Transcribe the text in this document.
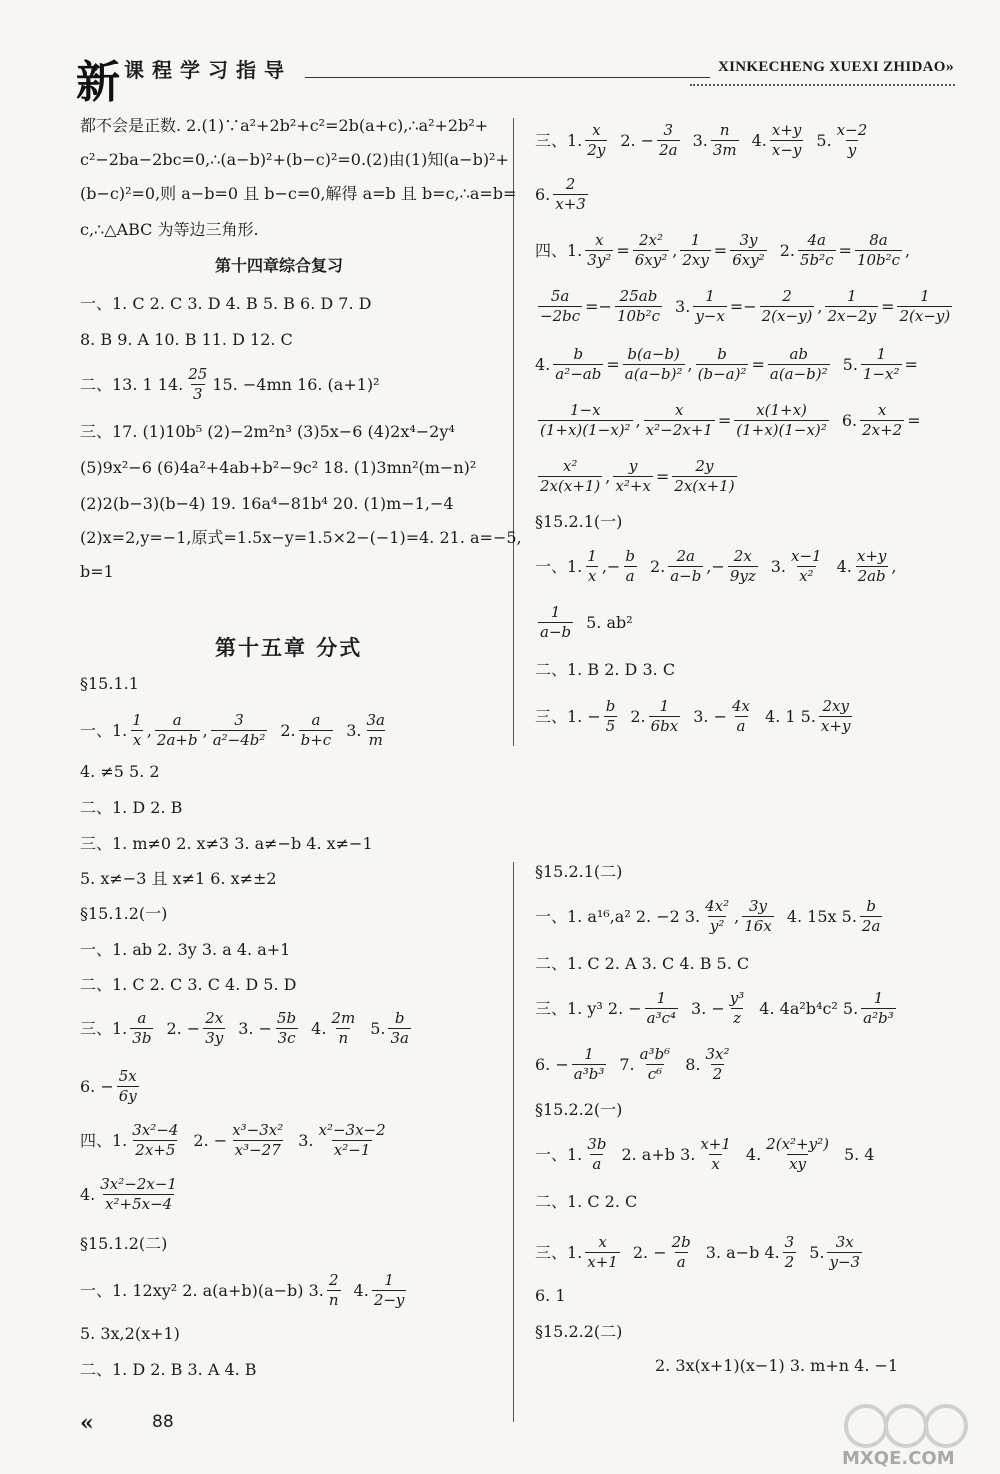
新 课程学习指导	XINKECHENG XUEXI ZHIDAO»
都不会是正数. 2.(1)∵a²+2b²+c²=2b(a+c),∴a²+2b²+
c²−2ba−2bc=0,∴(a−b)²+(b−c)²=0.(2)由(1)知(a−b)²+
(b−c)²=0,则 a−b=0 且 b−c=0,解得 a=b 且 b=c,∴a=b=
c,∴△ABC 为等边三角形.
第十四章综合复习
一、1. C 2. C 3. D 4. B 5. B 6. D 7. D
8. B 9. A 10. B 11. D 12. C
二、13. 1 14. $\frac{25}{3} 15$. −4mn 16. (a+1)²
三、17. (1)10b⁵ (2)−2m²n³ (3)5x−6 (4)2x⁴−2y⁴
(5)9x²−6 (6)4a²+4ab+b²−9c² 18. (1)3mn²(m−n)²
(2)2(b−3)(b−4) 19. 16a⁴−81b⁴ 20. (1)m−1,−4
(2)x=2,y=−1,原式=1.5x−y=1.5×2−(−1)=4. 21. a=−5,
b=1
§15.1.1
一、1. $\frac{1}{x}$ , $\frac{a}{2a+b}$ , $\frac{3}{\text{a²−4b²}} 2$. $\frac{a}{b+c} 3$. $\frac{3a}{m}$
4. ≠5 5. 2
二、1. D 2. B
三、1. m≠0 2. x≠3 3. a≠−b 4. x≠−1
5. x≠−3 且 x≠1 6. x≠±2
§15.1.2(一)
一、1. ab 2. 3y 3. a 4. a+1
二、1. C 2. C 3. C 4. D 5. D
三、1. $\frac{a}{3b} 2$. − $\frac{2x}{3y} 3$. − $\frac{5b}{3c} 4$. $\frac{2m}{n} 5$. $\frac{b}{3a}$
6. − $\frac{5x}{6y}$
四、1. $\frac{\text{3x²−4}}{2x+5} 2$. − $\frac{\text{x³−3x²}}{\text{x³−27}} 3$. $\frac{\text{x²−3x−2}}{\text{x²−1}}$
4. $\frac{\text{3x²−2x−1}}{\text{x²+5x−4}}$
§15.1.2(二)
一、1. 12xy² 2. a(a+b)(a−b) 3. $\frac{2}{n} 4$. $\frac{1}{2-y}$
5. 3x,2(x+1)
二、1. D 2. B 3. A 4. B
第十五章 分式
三、1. $\frac{x}{2y} 2$. − $\frac{3}{2a} 3$. $\frac{n}{3m} 4$. $\frac{x+y}{x-y} 5$. $\frac{x-2}{y}$
6. $\frac{2}{x+3}$
四、1. $\frac{x}{\text{3y²}} = \frac{\text{2x²}}{\text{6xy²}}$ , $\frac{1}{2xy} = \frac{3y}{\text{6xy²}} 2$. $\frac{4a}{\text{5b²c}} = \frac{8a}{\text{10b²c}}$ ,
$\frac{5a}{-2bc} =- \frac{25ab}{\text{10b²c}} 3$. $\frac{1}{y-x} =- \frac{2}{2(x-y)}$ , $\frac{1}{2x-2y} = \frac{1}{2(x-y)}$
4. $\frac{b}{\text{a²−ab}} = \frac{b(a-b)}{\text{a(a−b)²}}$ , $\frac{b}{\text{(b−a)²}} = \frac{ab}{\text{a(a−b)²}} 5$. $\frac{1}{\text{1−x²}}$ =
$\frac{1-x}{\text{(1+x)(1−x)²}}$ , $\frac{x}{\text{x²−2x+1}} = \frac{x(1+x)}{\text{(1+x)(1−x)²}} 6$. $\frac{x}{2x+2}$ =
$\frac{\text{x²}}{2x(x+1)}$ , $\frac{y}{\text{x²+x}} = \frac{2y}{2x(x+1)}$
§15.2.1(一)
一、1. $\frac{1}{x}$ ,− $\frac{b}{a} 2$. $\frac{2a}{a-b}$ ,− $\frac{2x}{9yz} 3$. $\frac{x-1}{\text{x²}} 4$. $\frac{x+y}{2ab}$ ,
$\frac{1}{a-b} 5$. ab²
二、1. B 2. D 3. C
三、1. − $\frac{b}{5} 2$. $\frac{1}{6bx} 3$. − $\frac{4x}{a} 4$. 1 5. $\frac{2xy}{x+y}$
§15.2.1(二)
一、1. a¹⁶,a² 2. −2 3. $\frac{\text{4x²}}{\text{y²}}$ , $\frac{3y}{16x} 4$. 15x 5. $\frac{b}{2a}$
二、1. C 2. A 3. C 4. B 5. C
三、1. y³ 2. − $\frac{1}{\text{a³c⁴}} 3$. − $\frac{\text{y³}}{z} 4$. 4a²b⁴c² 5. $\frac{1}{\text{a²b³}}$
6. − $\frac{1}{\text{a³b³}} 7$. $\frac{\text{a³b⁶}}{\text{c⁶}} 8$. $\frac{\text{3x²}}{2}$
§15.2.2(一)
一、1. $\frac{3b}{a} 2$. a+b 3. $\frac{x+1}{x} 4$. $\frac{\text{2(x²+y²)}}{xy} 5$. 4
二、1. C 2. C
三、1. $\frac{x}{x+1} 2$. − $\frac{2b}{a} 3$. a−b 4. $\frac{3}{2} 5$. $\frac{3x}{y-3}$
6. 1
§15.2.2(二)
2. 3x(x+1)(x−1) 3. m+n 4. −1
«	88
MXQE.COM
